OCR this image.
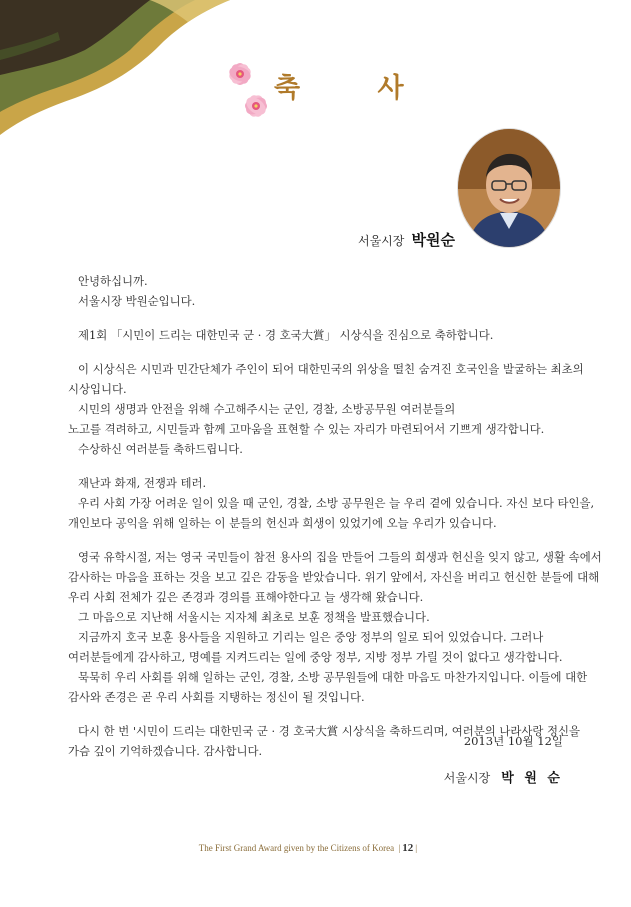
축 사
서울시장 박원순
안녕하십니까.
서울시장 박원순입니다.
제1회 「시민이 드리는 대한민국 군 · 경 호국大賞」 시상식을 진심으로 축하합니다.
이 시상식은 시민과 민간단체가 주인이 되어 대한민국의 위상을 떨친 숨겨진 호국인을 발굴하는 최초의
시상입니다.
시민의 생명과 안전을 위해 수고해주시는 군인, 경찰, 소방공무원 여러분들의
노고를 격려하고, 시민들과 함께 고마움을 표현할 수 있는 자리가 마련되어서 기쁘게 생각합니다.
수상하신 여러분들 축하드립니다.
재난과 화재, 전쟁과 테러.
우리 사회 가장 어려운 일이 있을 때 군인, 경찰, 소방 공무원은 늘 우리 곁에 있습니다. 자신 보다 타인을,
개인보다 공익을 위해 일하는 이 분들의 헌신과 희생이 있었기에 오늘 우리가 있습니다.
영국 유학시절, 저는 영국 국민들이 참전 용사의 집을 만들어 그들의 희생과 헌신을 잊지 않고, 생활 속에서
감사하는 마음을 표하는 것을 보고 깊은 감동을 받았습니다. 위기 앞에서, 자신을 버리고 헌신한 분들에 대해
우리 사회 전체가 깊은 존경과 경의를 표해야한다고 늘 생각해 왔습니다.
그 마음으로 지난해 서울시는 지자체 최초로 보훈 정책을 발표했습니다.
지금까지 호국 보훈 용사들을 지원하고 기리는 일은 중앙 정부의 일로 되어 있었습니다. 그러나
여러분들에게 감사하고, 명예를 지켜드리는 일에 중앙 정부, 지방 정부 가릴 것이 없다고 생각합니다.
묵묵히 우리 사회를 위해 일하는 군인, 경찰, 소방 공무원들에 대한 마음도 마찬가지입니다. 이들에 대한
감사와 존경은 곧 우리 사회를 지탱하는 정신이 될 것입니다.
다시 한 번 '시민이 드리는 대한민국 군 · 경 호국大賞 시상식을 축하드리며, 여러분의 나라사랑 정신을
가슴 깊이 기억하겠습니다. 감사합니다.
2013년 10월 12일
서울시장 박 원 순
The First Grand Award given by the Citizens of Korea | 12 |
